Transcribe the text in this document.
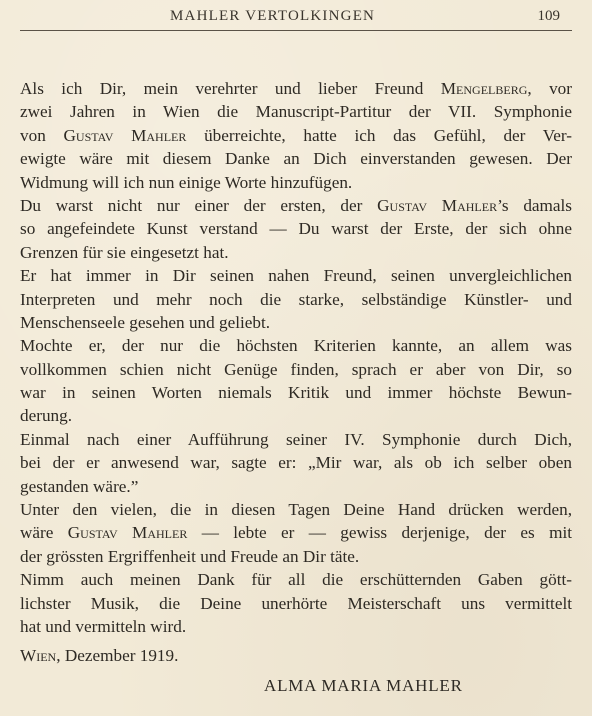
MAHLER VERTOLKINGEN	109
Als ich Dir, mein verehrter und lieber Freund Mengelberg, vor
zwei Jahren in Wien die Manuscript-Partitur der VII. Symphonie
von Gustav Mahler überreichte, hatte ich das Gefühl, der Ver-
ewigte wäre mit diesem Danke an Dich einverstanden gewesen. Der
Widmung will ich nun einige Worte hinzufügen.
Du warst nicht nur einer der ersten, der Gustav Mahler’s damals
so angefeindete Kunst verstand — Du warst der Erste, der sich ohne
Grenzen für sie eingesetzt hat.
Er hat immer in Dir seinen nahen Freund, seinen unvergleichlichen
Interpreten und mehr noch die starke, selbständige Künstler- und
Menschenseele gesehen und geliebt.
Mochte er, der nur die höchsten Kriterien kannte, an allem was
vollkommen schien nicht Genüge finden, sprach er aber von Dir, so
war in seinen Worten niemals Kritik und immer höchste Bewun-
derung.
Einmal nach einer Aufführung seiner IV. Symphonie durch Dich,
bei der er anwesend war, sagte er: „Mir war, als ob ich selber oben
gestanden wäre.”
Unter den vielen, die in diesen Tagen Deine Hand drücken werden,
wäre Gustav Mahler — lebte er — gewiss derjenige, der es mit
der grössten Ergriffenheit und Freude an Dir täte.
Nimm auch meinen Dank für all die erschütternden Gaben gött-
lichster Musik, die Deine unerhörte Meisterschaft uns vermittelt
hat und vermitteln wird.
Wien, Dezember 1919.
ALMA MARIA MAHLER
